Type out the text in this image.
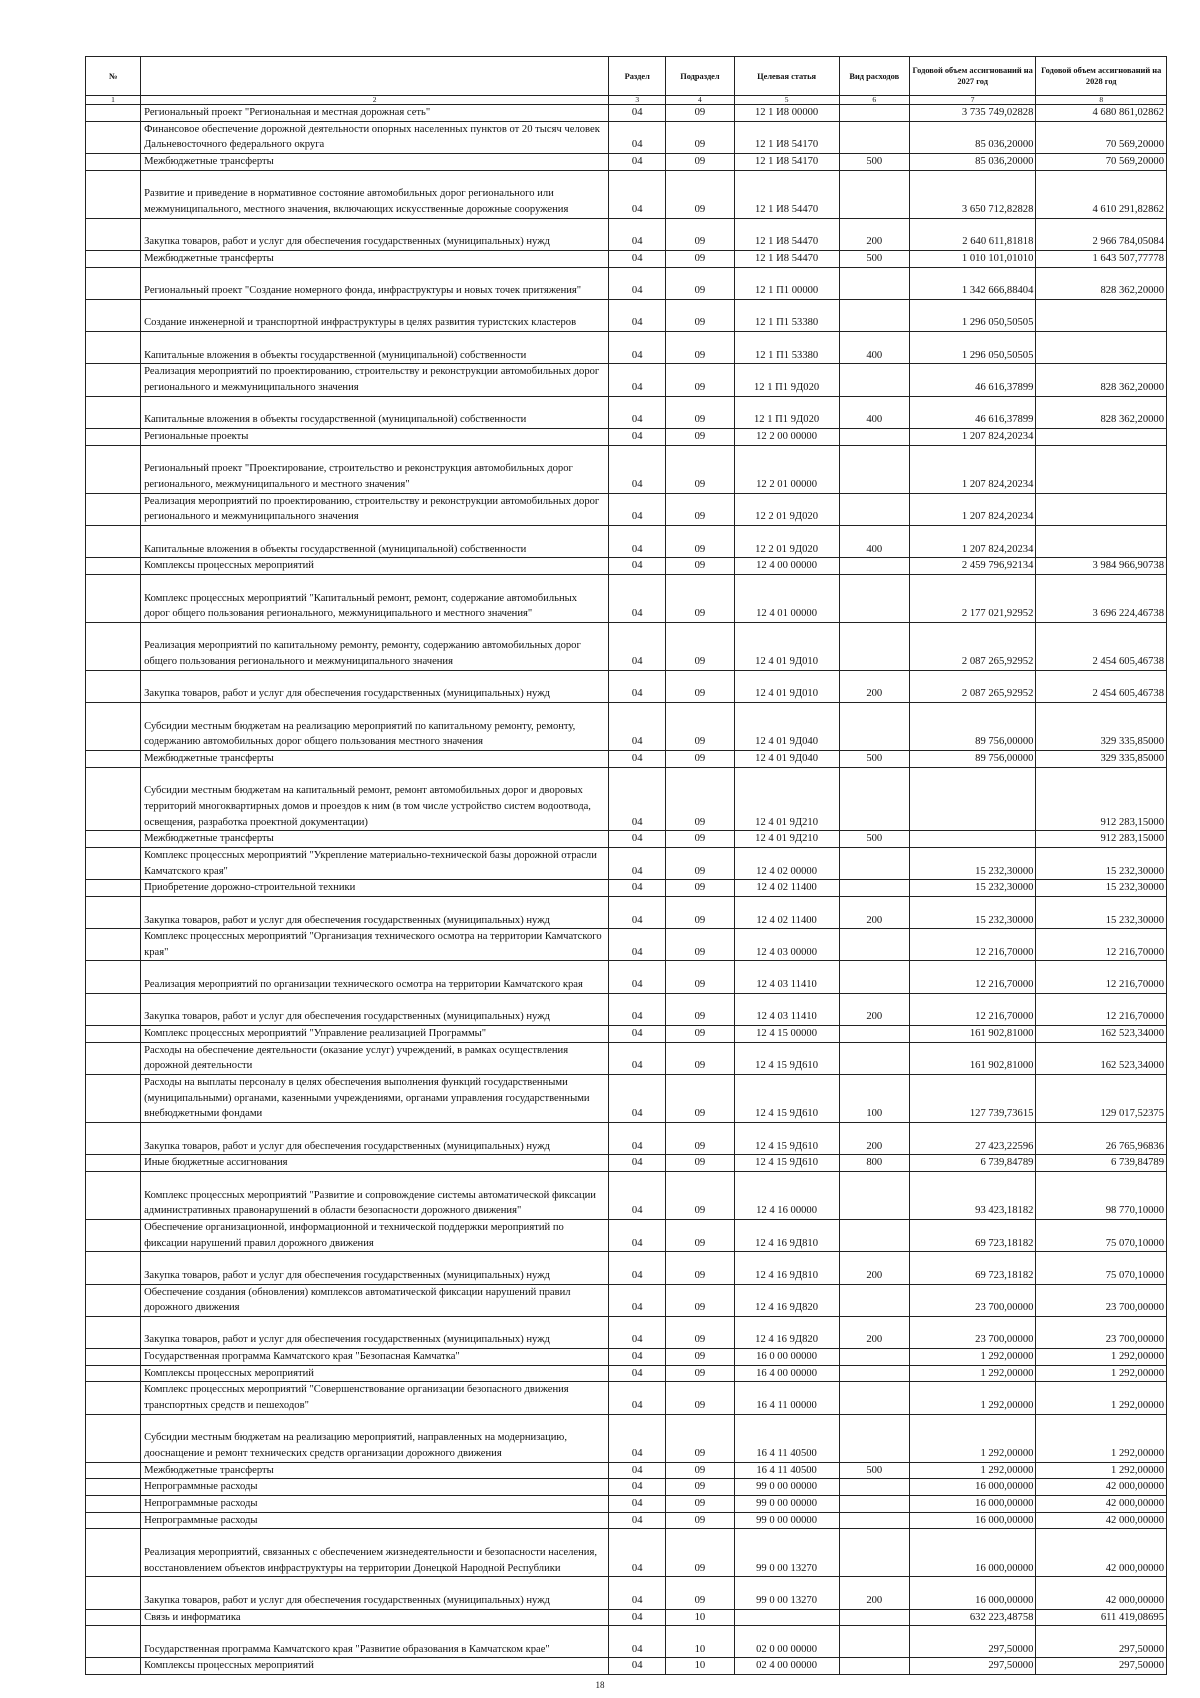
№		Раздел	Подраздел	Целевая статья	Вид расходов	Годовой объем ассигнований на 2027 год	Годовой объем ассигнований на 2028 год
1	2	3	4	5	6	7	8
	Региональный проект "Региональная и местная дорожная сеть"	04	09	12 1 И8 00000		3 735 749,02828	4 680 861,02862
	Финансовое обеспечение дорожной деятельности опорных населенных пунктов от 20 тысяч человек Дальневосточного федерального округа	04	09	12 1 И8 54170		85 036,20000	70 569,20000
	Межбюджетные трансферты	04	09	12 1 И8 54170	500	85 036,20000	70 569,20000
	Развитие и приведение в нормативное состояние автомобильных дорог регионального или межмуниципального, местного значения, включающих искусственные дорожные сооружения	04	09	12 1 И8 54470		3 650 712,82828	4 610 291,82862
	Закупка товаров, работ и услуг для обеспечения государственных (муниципальных) нужд	04	09	12 1 И8 54470	200	2 640 611,81818	2 966 784,05084
	Межбюджетные трансферты	04	09	12 1 И8 54470	500	1 010 101,01010	1 643 507,77778
	Региональный проект "Создание номерного фонда, инфраструктуры и новых точек притяжения"	04	09	12 1 П1 00000		1 342 666,88404	828 362,20000
	Создание инженерной и транспортной инфраструктуры в целях развития туристских кластеров	04	09	12 1 П1 53380		1 296 050,50505	
	Капитальные вложения в объекты государственной (муниципальной) собственности	04	09	12 1 П1 53380	400	1 296 050,50505	
	Реализация мероприятий по проектированию, строительству и реконструкции автомобильных дорог регионального и межмуниципального значения	04	09	12 1 П1 9Д020		46 616,37899	828 362,20000
	Капитальные вложения в объекты государственной (муниципальной) собственности	04	09	12 1 П1 9Д020	400	46 616,37899	828 362,20000
	Региональные проекты	04	09	12 2 00 00000		1 207 824,20234	
	Региональный проект "Проектирование, строительство и реконструкция автомобильных дорог регионального, межмуниципального и местного значения"	04	09	12 2 01 00000		1 207 824,20234	
	Реализация мероприятий по проектированию, строительству и реконструкции автомобильных дорог регионального и межмуниципального значения	04	09	12 2 01 9Д020		1 207 824,20234	
	Капитальные вложения в объекты государственной (муниципальной) собственности	04	09	12 2 01 9Д020	400	1 207 824,20234	
	Комплексы процессных мероприятий	04	09	12 4 00 00000		2 459 796,92134	3 984 966,90738
	Комплекс процессных мероприятий "Капитальный ремонт, ремонт, содержание автомобильных дорог общего пользования регионального, межмуниципального и местного значения"	04	09	12 4 01 00000		2 177 021,92952	3 696 224,46738
	Реализация мероприятий по капитальному ремонту, ремонту, содержанию автомобильных дорог общего пользования регионального и межмуниципального значения	04	09	12 4 01 9Д010		2 087 265,92952	2 454 605,46738
	Закупка товаров, работ и услуг для обеспечения государственных (муниципальных) нужд	04	09	12 4 01 9Д010	200	2 087 265,92952	2 454 605,46738
	Субсидии местным бюджетам на реализацию мероприятий по капитальному ремонту, ремонту, содержанию автомобильных дорог общего пользования местного значения	04	09	12 4 01 9Д040		89 756,00000	329 335,85000
	Межбюджетные трансферты	04	09	12 4 01 9Д040	500	89 756,00000	329 335,85000
	Субсидии местным бюджетам на капитальный ремонт, ремонт автомобильных дорог и дворовых территорий многоквартирных домов и проездов к ним (в том числе устройство систем водоотвода, освещения, разработка проектной документации)	04	09	12 4 01 9Д210			912 283,15000
	Межбюджетные трансферты	04	09	12 4 01 9Д210	500		912 283,15000
	Комплекс процессных мероприятий "Укрепление материально-технической базы дорожной отрасли Камчатского края"	04	09	12 4 02 00000		15 232,30000	15 232,30000
	Приобретение дорожно-строительной техники	04	09	12 4 02 11400		15 232,30000	15 232,30000
	Закупка товаров, работ и услуг для обеспечения государственных (муниципальных) нужд	04	09	12 4 02 11400	200	15 232,30000	15 232,30000
	Комплекс процессных мероприятий "Организация технического осмотра на территории Камчатского края"	04	09	12 4 03 00000		12 216,70000	12 216,70000
	Реализация мероприятий по организации технического осмотра на территории Камчатского края	04	09	12 4 03 11410		12 216,70000	12 216,70000
	Закупка товаров, работ и услуг для обеспечения государственных (муниципальных) нужд	04	09	12 4 03 11410	200	12 216,70000	12 216,70000
	Комплекс процессных мероприятий "Управление реализацией Программы"	04	09	12 4 15 00000		161 902,81000	162 523,34000
	Расходы на обеспечение деятельности (оказание услуг) учреждений, в рамках осуществления дорожной деятельности	04	09	12 4 15 9Д610		161 902,81000	162 523,34000
	Расходы на выплаты персоналу в целях обеспечения выполнения функций государственными (муниципальными) органами, казенными учреждениями, органами управления государственными внебюджетными фондами	04	09	12 4 15 9Д610	100	127 739,73615	129 017,52375
	Закупка товаров, работ и услуг для обеспечения государственных (муниципальных) нужд	04	09	12 4 15 9Д610	200	27 423,22596	26 765,96836
	Иные бюджетные ассигнования	04	09	12 4 15 9Д610	800	6 739,84789	6 739,84789
	Комплекс процессных мероприятий "Развитие и сопровождение системы автоматической фиксации административных правонарушений в области безопасности дорожного движения"	04	09	12 4 16 00000		93 423,18182	98 770,10000
	Обеспечение организационной, информационной и технической поддержки мероприятий по фиксации нарушений правил дорожного движения	04	09	12 4 16 9Д810		69 723,18182	75 070,10000
	Закупка товаров, работ и услуг для обеспечения государственных (муниципальных) нужд	04	09	12 4 16 9Д810	200	69 723,18182	75 070,10000
	Обеспечение создания (обновления) комплексов автоматической фиксации нарушений правил дорожного движения	04	09	12 4 16 9Д820		23 700,00000	23 700,00000
	Закупка товаров, работ и услуг для обеспечения государственных (муниципальных) нужд	04	09	12 4 16 9Д820	200	23 700,00000	23 700,00000
	Государственная программа Камчатского края "Безопасная Камчатка"	04	09	16 0 00 00000		1 292,00000	1 292,00000
	Комплексы процессных мероприятий	04	09	16 4 00 00000		1 292,00000	1 292,00000
	Комплекс процессных мероприятий "Совершенствование организации безопасного движения транспортных средств и пешеходов"	04	09	16 4 11 00000		1 292,00000	1 292,00000
	Субсидии местным бюджетам на реализацию мероприятий, направленных на модернизацию, дооснащение и ремонт технических средств организации дорожного движения	04	09	16 4 11 40500		1 292,00000	1 292,00000
	Межбюджетные трансферты	04	09	16 4 11 40500	500	1 292,00000	1 292,00000
	Непрограммные расходы	04	09	99 0 00 00000		16 000,00000	42 000,00000
	Непрограммные расходы	04	09	99 0 00 00000		16 000,00000	42 000,00000
	Непрограммные расходы	04	09	99 0 00 00000		16 000,00000	42 000,00000
	Реализация мероприятий, связанных с обеспечением жизнедеятельности и безопасности населения, восстановлением объектов инфраструктуры на территории Донецкой Народной Республики	04	09	99 0 00 13270		16 000,00000	42 000,00000
	Закупка товаров, работ и услуг для обеспечения государственных (муниципальных) нужд	04	09	99 0 00 13270	200	16 000,00000	42 000,00000
	Связь и информатика	04	10			632 223,48758	611 419,08695
	Государственная программа Камчатского края "Развитие образования в Камчатском крае"	04	10	02 0 00 00000		297,50000	297,50000
	Комплексы процессных мероприятий	04	10	02 4 00 00000		297,50000	297,50000
18
